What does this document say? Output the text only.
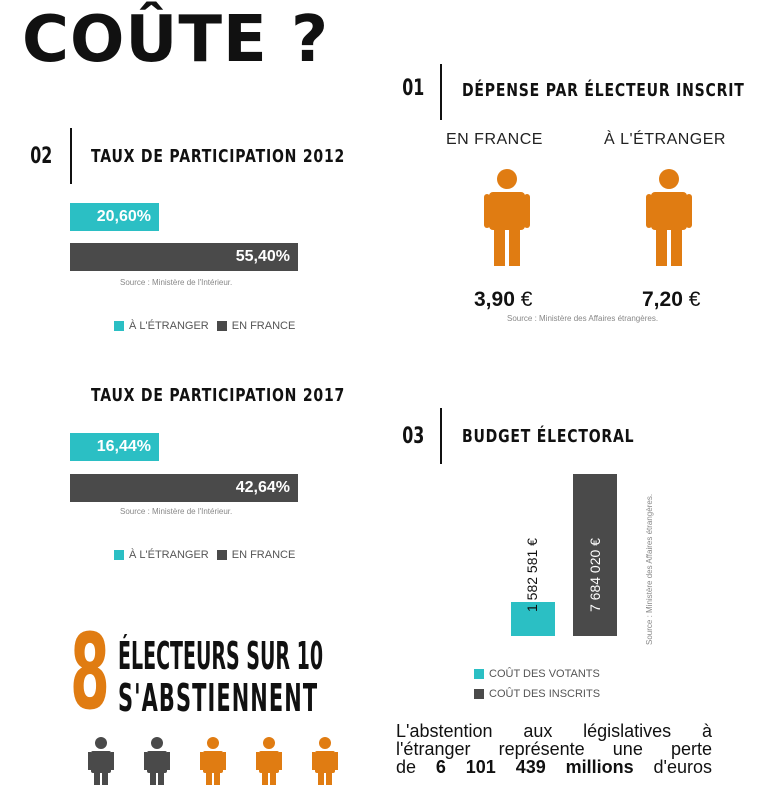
COÛTE ?
01 DÉPENSE PAR ÉLECTEUR INSCRIT
EN FRANCE	À L'ÉTRANGER
3,90 €	7,20 €
Source : Ministère des Affaires étrangères.
02 TAUX DE PARTICIPATION 2012
20,60%
55,40%
Source : Ministère de l'Intérieur.
À L'ÉTRANGER EN FRANCE
TAUX DE PARTICIPATION 2017
16,44%
42,64%
Source : Ministère de l'Intérieur.
À L'ÉTRANGER EN FRANCE
03 BUDGET ÉLECTORAL
1 582 581 €	7 684 020 €	Source : Ministère des Affaires étrangères.
COÛT DES VOTANTS
COÛT DES INSCRITS
8 ÉLECTEURS SUR 10
S'ABSTIENNENT
L'abstention aux législatives à
l'étranger représente une perte
de 6 101 439 millions d'euros
